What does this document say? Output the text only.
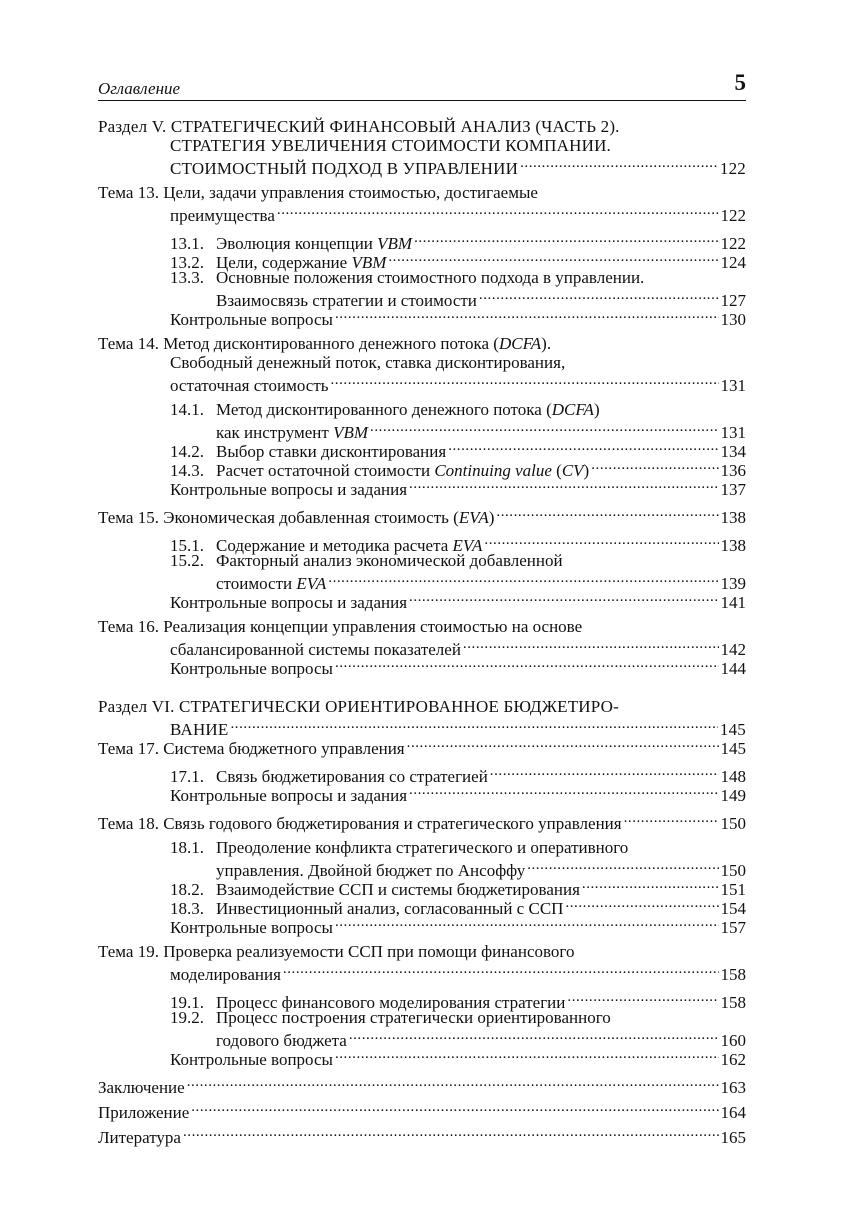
Оглавление	5
Раздел V. СТРАТЕГИЧЕСКИЙ ФИНАНСОВЫЙ АНАЛИЗ (ЧАСТЬ 2).
СТРАТЕГИЯ УВЕЛИЧЕНИЯ СТОИМОСТИ КОМПАНИИ.
СТОИМОСТНЫЙ ПОДХОД В УПРАВЛЕНИИ . . .	122
Тема 13. Цели, задачи управления стоимостью, достигаемые
преимущества . . .	122
13.1. Эволюция концепции VBM . . .	122
13.2. Цели, содержание VBM . . .	124
13.3. Основные положения стоимостного подхода в управлении.
Взаимосвязь стратегии и стоимости . . .	127
Контрольные вопросы . . .	130
Тема 14. Метод дисконтированного денежного потока (DCFA).
Свободный денежный поток, ставка дисконтирования,
остаточная стоимость . . .	131
14.1. Метод дисконтированного денежного потока (DCFA)
как инструмент VBM . . .	131
14.2. Выбор ставки дисконтирования . . .	134
14.3. Расчет остаточной стоимости Continuing value (CV) . . .	136
Контрольные вопросы и задания . . .	137
Тема 15. Экономическая добавленная стоимость (EVA) . . .	138
15.1. Содержание и методика расчета EVA . . .	138
15.2. Факторный анализ экономической добавленной
стоимости EVA . . .	139
Контрольные вопросы и задания . . .	141
Тема 16. Реализация концепции управления стоимостью на основе
сбалансированной системы показателей . . .	142
Контрольные вопросы . . .	144
Раздел VI. СТРАТЕГИЧЕСКИ ОРИЕНТИРОВАННОЕ БЮДЖЕТИРО-
ВАНИЕ . . .	145
Тема 17. Система бюджетного управления . . .	145
17.1. Связь бюджетирования со стратегией . . .	148
Контрольные вопросы и задания . . .	149
Тема 18. Связь годового бюджетирования и стратегического управления . . .	150
18.1. Преодоление конфликта стратегического и оперативного
управления. Двойной бюджет по Ансоффу . . .	150
18.2. Взаимодействие ССП и системы бюджетирования . . .	151
18.3. Инвестиционный анализ, согласованный с ССП . . .	154
Контрольные вопросы . . .	157
Тема 19. Проверка реализуемости ССП при помощи финансового
моделирования . . .	158
19.1. Процесс финансового моделирования стратегии . . .	158
19.2. Процесс построения стратегически ориентированного
годового бюджета . . .	160
Контрольные вопросы . . .	162
Заключение . . .	163
Приложение . . .	164
Литература . . .	165
